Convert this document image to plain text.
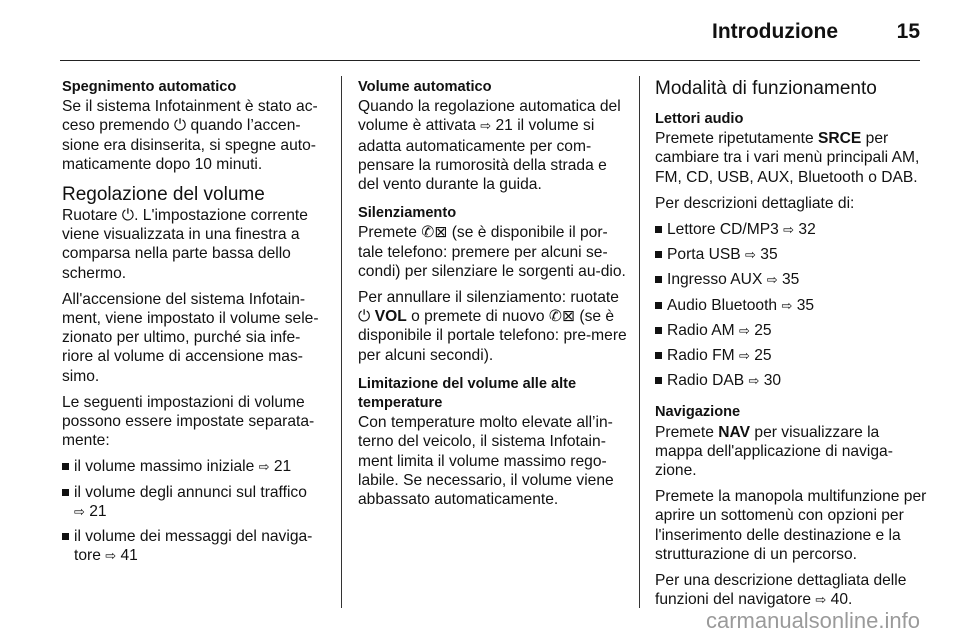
Introduzione	15
Spegnimento automatico

Se il sistema Infotainment è stato ac-ceso premendo ⏻ quando l’accen-sione era disinserita, si spegne auto-maticamente dopo 10 minuti.

Regolazione del volume

Ruotare ⏻. L'impostazione corrente viene visualizzata in una finestra a comparsa nella parte bassa dello schermo.

All'accensione del sistema Infotain-ment, viene impostato il volume sele-zionato per ultimo, purché sia infe-riore al volume di accensione mas-simo.

Le seguenti impostazioni di volume possono essere impostate separata-mente:

il volume massimo iniziale ⇨ 21
il volume degli annunci sul traffico
⇨ 21
il volume dei messaggi del naviga-tore ⇨ 41
Volume automatico

Quando la regolazione automatica del volume è attivata ⇨ 21 il volume si adatta automaticamente per com-pensare la rumorosità della strada e del vento durante la guida.

Silenziamento

Premete ✆⊠ (se è disponibile il por-tale telefono: premere per alcuni se-condi) per silenziare le sorgenti au-dio.

Per annullare il silenziamento: ruotate ⏻ VOL o premete di nuovo ✆⊠ (se è disponibile il portale telefono: pre-mere per alcuni secondi).

Limitazione del volume alle alte temperature

Con temperature molto elevate all’in-terno del veicolo, il sistema Infotain-ment limita il volume massimo rego-labile. Se necessario, il volume viene abbassato automaticamente.

Modalità di funzionamento
Lettori audio

Premete ripetutamente SRCE per cambiare tra i vari menù principali AM, FM, CD, USB, AUX, Bluetooth o DAB.

Per descrizioni dettagliate di:

Lettore CD/MP3 ⇨ 32
Porta USB ⇨ 35
Ingresso AUX ⇨ 35
Audio Bluetooth ⇨ 35
Radio AM ⇨ 25
Radio FM ⇨ 25
Radio DAB ⇨ 30
Navigazione

Premete NAV per visualizzare la mappa dell'applicazione di naviga-zione.

Premete la manopola multifunzione per aprire un sottomenù con opzioni per l'inserimento delle destinazione e la strutturazione di un percorso.

Per una descrizione dettagliata delle funzioni del navigatore ⇨ 40.

carmanualsonline.info
